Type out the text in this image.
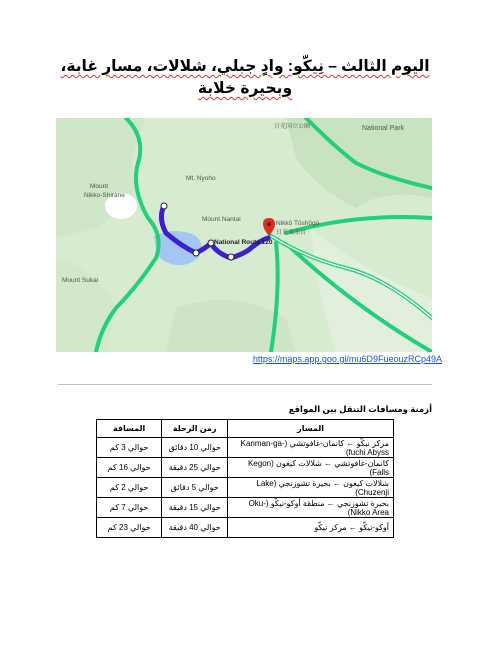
اليوم الثالث – نِيكّو: وادٍ جبلي، شلالات، مسار غابة، وبحيرة خلابة
日光国立公園	National Park
Mt. Nyoho
Mount
Nikko-Shirane
Mount Nantai
Nikkō Tōshōgū
日光東照宮
National Route 120
Mount Sukai
https://maps.app.goo.gl/mu6D9FueouzRCp49A
أزمنة ومسافات التنقل بين المواقع
المسار	زمن الرحلة	المسافة
مركز نيكّو ← كانمان-غافوتشي (Kanman-ga-fuchi Abyss)	حوالي 10 دقائق	حوالي 3 كم
كانمان-غافوتشي ← شلالات كيغون (Kegon Falls)	حوالي 25 دقيقة	حوالي 16 كم
شلالات كيغون ← بحيرة تشوزنجي (Lake Chuzenji)	حوالي 5 دقائق	حوالي 2 كم
بحيرة تشوزنجي ← منطقة أوكو-نيكّو (Oku-Nikko Area)	حوالي 15 دقيقة	حوالي 7 كم
أوكو-نيكّو ← مركز نيكّو	حوالي 40 دقيقة	حوالي 23 كم
